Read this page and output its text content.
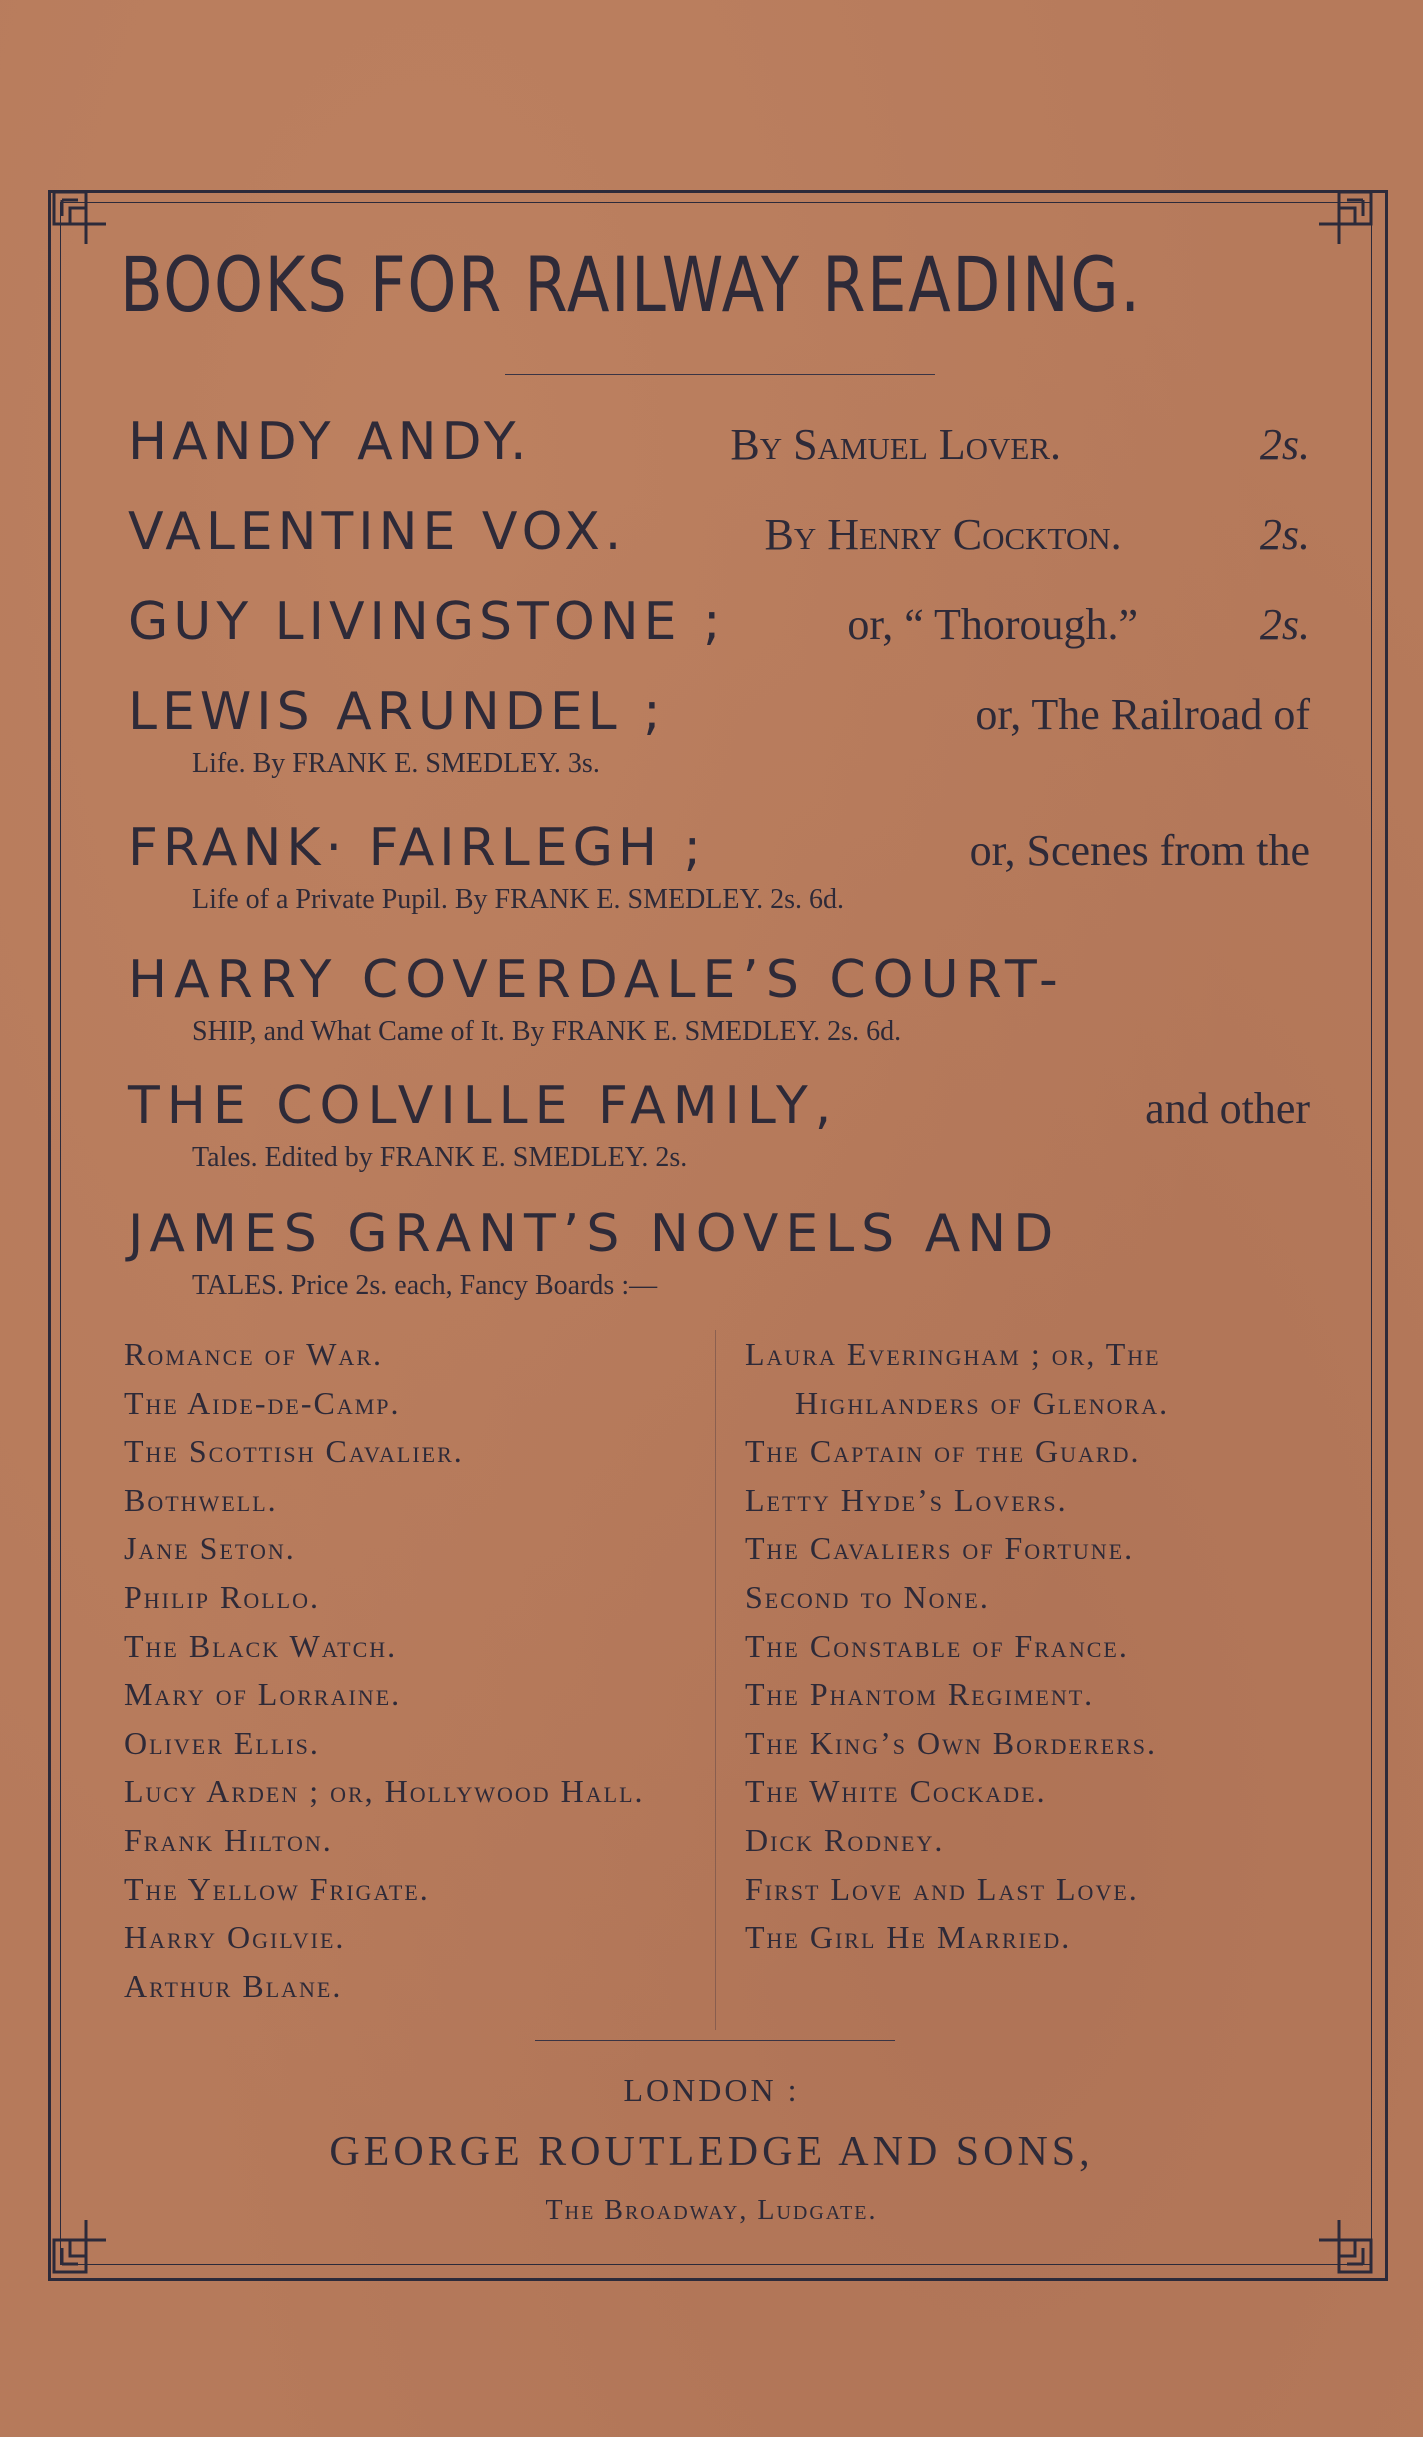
BOOKS FOR RAILWAY READING.
HANDY ANDY.	By Samuel Lover.	2s.
VALENTINE VOX.	By Henry Cockton.	2s.
GUY LIVINGSTONE ;	or, “ Thorough.”	2s.
LEWIS ARUNDEL ;	or, The Railroad of
Life. By FRANK E. SMEDLEY. 3s.
FRANK· FAIRLEGH ;	or, Scenes from the
Life of a Private Pupil. By FRANK E. SMEDLEY. 2s. 6d.
HARRY COVERDALE’S COURT-
SHIP, and What Came of It. By FRANK E. SMEDLEY. 2s. 6d.
THE COLVILLE FAMILY,	and other
Tales. Edited by FRANK E. SMEDLEY. 2s.
JAMES GRANT’S NOVELS AND
TALES. Price 2s. each, Fancy Boards :—
Romance of War.
The Aide-de-Camp.
The Scottish Cavalier.
Bothwell.
Jane Seton.
Philip Rollo.
The Black Watch.
Mary of Lorraine.
Oliver Ellis.
Lucy Arden ; or, Hollywood Hall.
Frank Hilton.
The Yellow Frigate.
Harry Ogilvie.
Arthur Blane.
Laura Everingham ; or, The
Highlanders of Glenora.
The Captain of the Guard.
Letty Hyde’s Lovers.
The Cavaliers of Fortune.
Second to None.
The Constable of France.
The Phantom Regiment.
The King’s Own Borderers.
The White Cockade.
Dick Rodney.
First Love and Last Love.
The Girl He Married.
LONDON :
GEORGE ROUTLEDGE AND SONS,
The Broadway, Ludgate.
